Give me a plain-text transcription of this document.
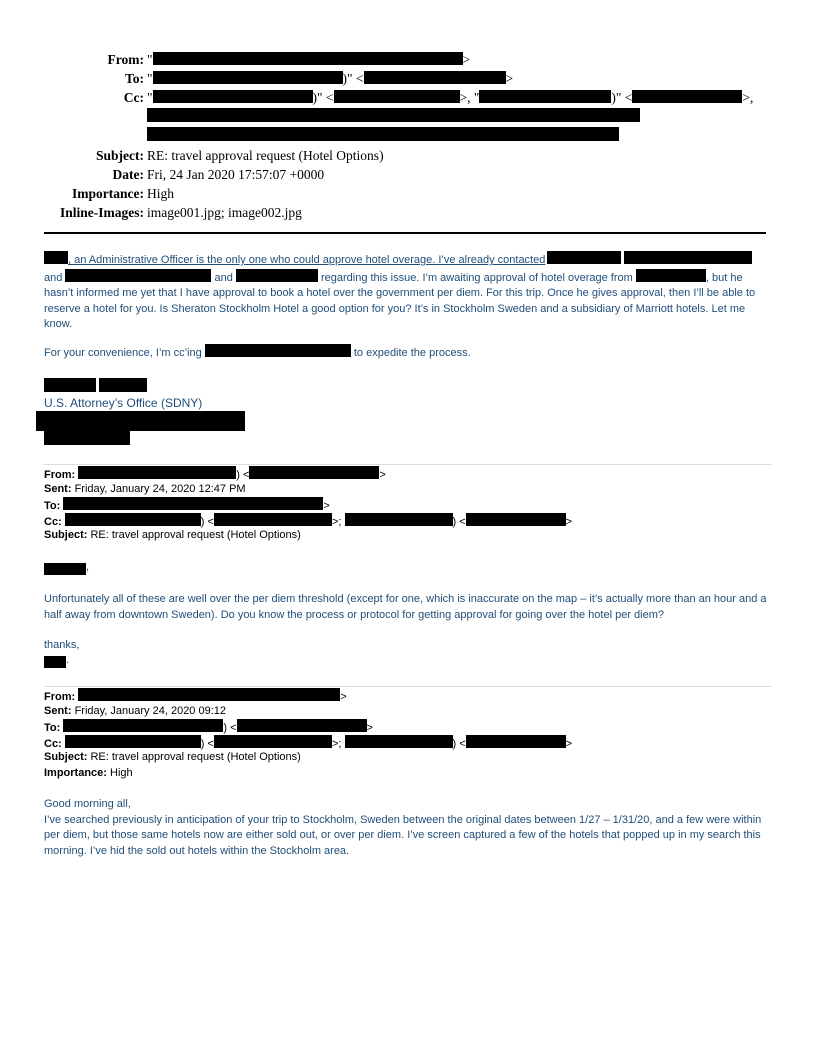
From: "	>
To: "	)" <	>
Cc: "	)" <	>, "	)" <	>,
Subject: RE: travel approval request (Hotel Options)
Date: Fri, 24 Jan 2020 17:57:07 +0000
Importance: High
Inline-Images: image001.jpg; image002.jpg

, an Administrative Officer is the only one who could approve hotel overage. I’ve already contacted  and	and	regarding this issue. I’m awaiting approval of hotel overage from	, but he hasn’t informed me yet that I have approval to book a hotel over the government per diem. For this trip. Once he gives approval, then I’ll be able to reserve a hotel for you. Is Sheraton Stockholm Hotel a good option for you? It’s in Stockholm Sweden and a subsidiary of Marriott hotels. Let me know.

For your convenience, I’m cc’ing	to expedite the process.

U.S. Attorney’s Office (SDNY)
From:	) <	>
Sent: Friday, January 24, 2020 12:47 PM
To:	>
Cc:	) <	>;	) <	>
Subject: RE: travel approval request (Hotel Options)
,

Unfortunately all of these are well over the per diem threshold (except for one, which is inaccurate on the map – it’s actually more than an hour and a half away from downtown Sweden). Do you know the process or protocol for getting approval for going over the hotel per diem?

thanks,

.
From:	>
Sent: Friday, January 24, 2020 09:12
To:	) <	>
Cc:	) <	>;	) <	>
Subject: RE: travel approval request (Hotel Options)
Importance: High

Good morning all,

I’ve searched previously in anticipation of your trip to Stockholm, Sweden between the original dates between 1/27 – 1/31/20, and a few were within per diem, but those same hotels now are either sold out, or over per diem. I’ve screen captured a few of the hotels that popped up in my search this morning. I’ve hid the sold out hotels within the Stockholm area.
